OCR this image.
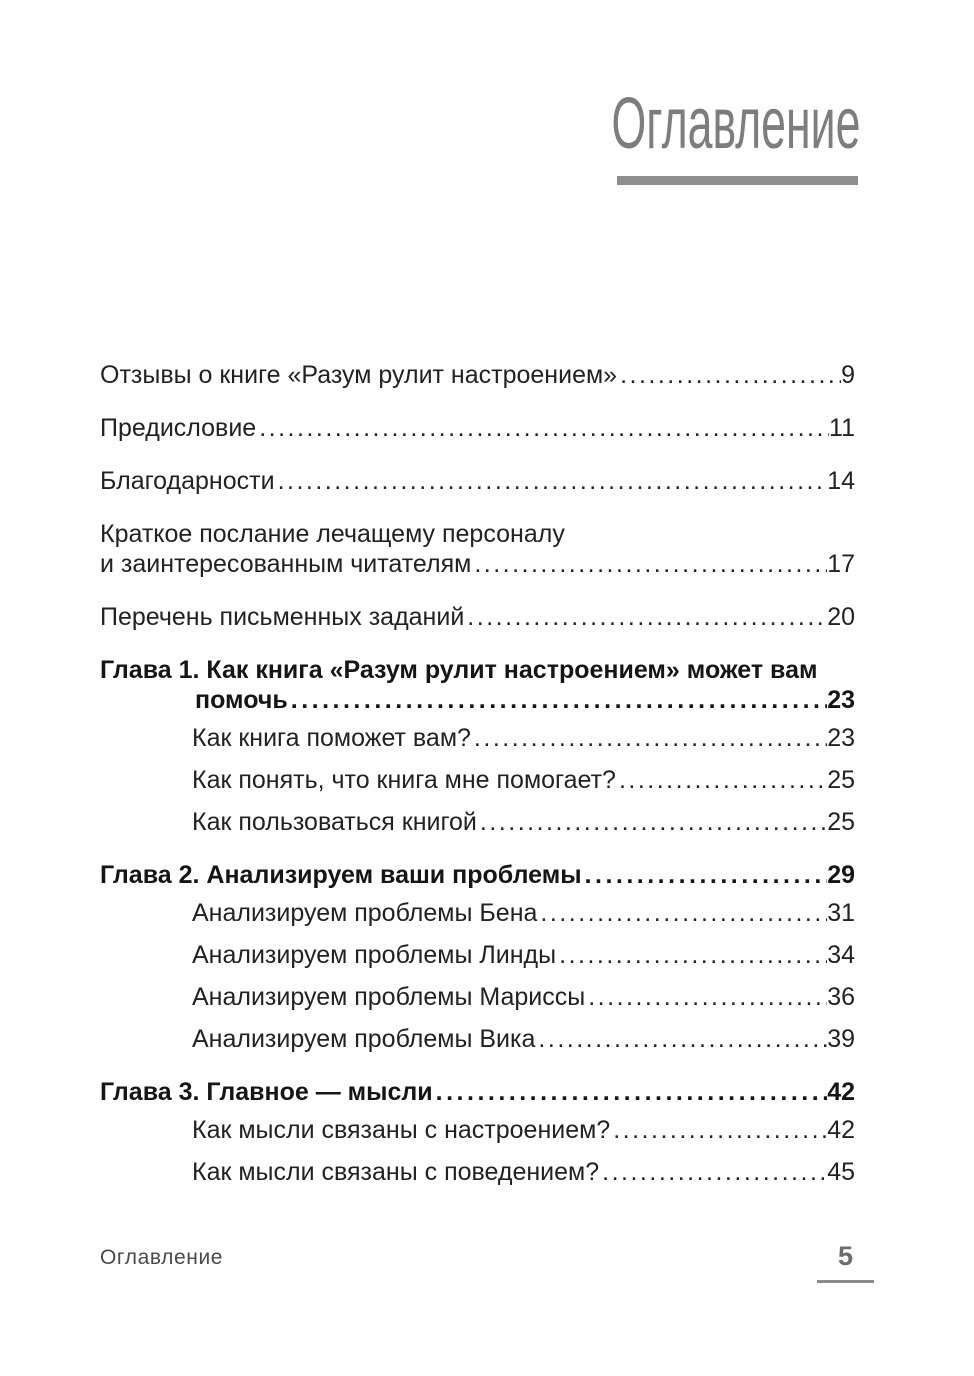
Оглавление
Отзывы о книге «Разум рулит настроением» .....	9
Предисловие .....	11
Благодарности .....	14
Краткое послание лечащему персоналу
и заинтересованным читателям .....	17
Перечень письменных заданий .....	20
Глава 1. Как книга «Разум рулит настроением» может вам
помочь .....	23
Как книга поможет вам? .....	23
Как понять, что книга мне помогает? .....	25
Как пользоваться книгой .....	25
Глава 2. Анализируем ваши проблемы .....	29
Анализируем проблемы Бена .....	31
Анализируем проблемы Линды .....	34
Анализируем проблемы Мариссы .....	36
Анализируем проблемы Вика .....	39
Глава 3. Главное — мысли .....	42
Как мысли связаны с настроением? .....	42
Как мысли связаны с поведением? .....	45
Оглавление	5
